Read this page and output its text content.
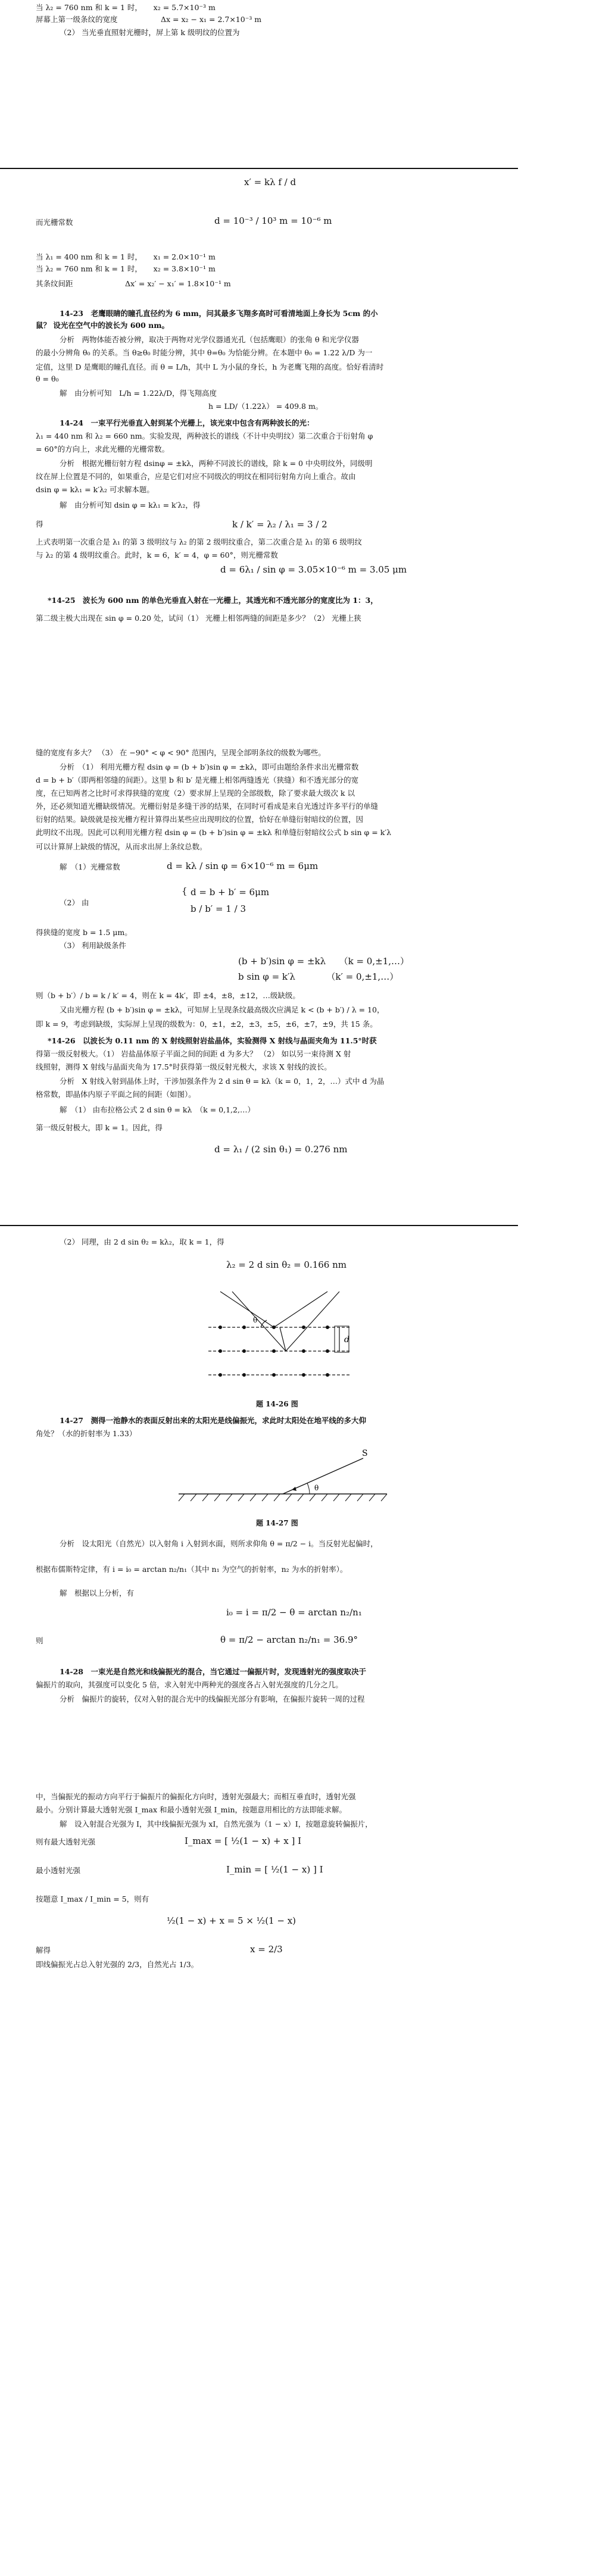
当 λ₂ = 760 nm 和 k = 1 时，　　x₂ = 5.7×10⁻³ m
屏幕上第一级条纹的宽度	Δx = x₂ − x₁ = 2.7×10⁻³ m
（2） 当光垂直照射光栅时，屏上第 k 级明纹的位置为
x′ = kλ f / d
而光栅常数	d = 10⁻³ / 10³ m = 10⁻⁶ m
当 λ₁ = 400 nm 和 k = 1 时，　　x₁ = 2.0×10⁻¹ m
当 λ₂ = 760 nm 和 k = 1 时，　　x₂ = 3.8×10⁻¹ m
其条纹间距　　　　　　　Δx′ = x₂′ − x₁′ = 1.8×10⁻¹ m
14-23　老鹰眼睛的瞳孔直径约为 6 mm，问其最多飞翔多高时可看清地面上身长为 5cm 的小
鼠？ 设光在空气中的波长为 600 nm。
分析　两物体能否被分辨，取决于两物对光学仪器通光孔（包括鹰眼）的张角 θ 和光学仪器
的最小分辨角 θ₀ 的关系。当 θ≥θ₀ 时能分辨，其中 θ=θ₀ 为恰能分辨。在本题中 θ₀ = 1.22 λ/D 为一
定值，这里 D 是鹰眼的瞳孔直径。而 θ = L/h，其中 L 为小鼠的身长，h 为老鹰飞翔的高度。恰好看清时
θ = θ₀
解　由分析可知　L/h = 1.22λ/D，得飞翔高度
h = LD/（1.22λ） = 409.8 m。
14-24　一束平行光垂直入射到某个光栅上，该光束中包含有两种波长的光：
λ₁ = 440 nm 和 λ₂ = 660 nm。实验发现，两种波长的谱线（不计中央明纹）第二次重合于衍射角 φ
= 60°的方向上，求此光栅的光栅常数。
分析　根据光栅衍射方程 dsinφ = ±kλ，两种不同波长的谱线，除 k = 0 中央明纹外，同级明
纹在屏上位置是不同的，如果重合，应是它们对应不同级次的明纹在相同衍射角方向上重合。故由
dsin φ = kλ₁ = k′λ₂ 可求解本题。
解　由分析可知 dsin φ = kλ₁ = k′λ₂，得
得	k / k′ = λ₂ / λ₁ = 3 / 2
上式表明第一次重合是 λ₁ 的第 3 级明纹与 λ₂ 的第 2 级明纹重合，第二次重合是 λ₁ 的第 6 级明纹
与 λ₂ 的第 4 级明纹重合。此时，k = 6，k′ = 4，φ = 60°，则光栅常数
d = 6λ₁ / sin φ = 3.05×10⁻⁶ m = 3.05 μm
*14-25　波长为 600 nm 的单色光垂直入射在一光栅上，其透光和不透光部分的宽度比为 1：3，
第二级主极大出现在 sin φ = 0.20 处，试问（1） 光栅上相邻两缝的间距是多少？（2） 光栅上狭
缝的宽度有多大？ （3） 在 −90° < φ < 90° 范围内，呈现全部明条纹的级数为哪些。
分析　（1） 利用光栅方程 dsin φ = (b + b′)sin φ = ±kλ，即可由题给条件求出光栅常数
d = b + b′（即两相邻缝的间距）。这里 b 和 b′ 是光栅上相邻两缝透光（狭缝）和不透光部分的宽
度，在已知两者之比时可求得狭缝的宽度（2）要求屏上呈现的全部级数，除了要求最大级次 k 以
外，还必须知道光栅缺级情况。光栅衍射是多缝干涉的结果，在同时可看成是来自光透过许多平行的单缝
衍射的结果。缺级就是按光栅方程计算得出某些应出现明纹的位置，恰好在单缝衍射暗纹的位置，因
此明纹不出现。因此可以利用光栅方程 dsin φ = (b + b′)sin φ = ±kλ 和单缝衍射暗纹公式 b sin φ = k′λ
可以计算屏上缺级的情况，从而求出屏上条纹总数。
解　（1）光栅常数	d = kλ / sin φ = 6×10⁻⁶ m = 6μm
（2） 由
{ d = b + b′ = 6μm
b / b′ = 1 / 3
得狭缝的宽度 b = 1.5 μm。
（3） 利用缺级条件
(b + b′)sin φ = ±kλ　　（k = 0,±1,…）
b sin φ = k′λ　　　　（k′ = 0,±1,…）
则（b + b′）/ b = k / k′ = 4，则在 k = 4k′，即 ±4，±8，±12，…级缺级。
又由光栅方程 (b + b′)sin φ = ±kλ，可知屏上呈现条纹最高级次应满足 k < (b + b′) / λ = 10，
即 k = 9，考虑到缺级，实际屏上呈现的级数为：0，±1，±2，±3，±5，±6，±7，±9，共 15 条。
*14-26　以波长为 0.11 nm 的 X 射线照射岩盐晶体，实验测得 X 射线与晶面夹角为 11.5°时获
得第一级反射极大。（1） 岩盐晶体原子平面之间的间距 d 为多大？ （2） 如以另一束待测 X 射
线照射，测得 X 射线与晶面夹角为 17.5°时获得第一级反射光极大，求该 X 射线的波长。
分析　X 射线入射到晶体上时，干涉加强条件为 2 d sin θ = kλ（k = 0，1，2，…）式中 d 为晶
格常数，即晶体内原子平面之间的间距（如图）。
解　（1） 由布拉格公式 2 d sin θ = kλ　（k = 0,1,2,…）
第一级反射极大，即 k = 1。因此，得
d = λ₁ / (2 sin θ₁) = 0.276 nm
（2） 同理，由 2 d sin θ₂ = kλ₂，取 k = 1，得
λ₂ = 2 d sin θ₂ = 0.166 nm
d
θ
题 14-26 图
14-27　测得一池静水的表面反射出来的太阳光是线偏振光，求此时太阳处在地平线的多大仰
角处？（水的折射率为 1.33）
S
θ
题 14-27 图
分析　设太阳光（自然光）以入射角 i 入射到水面，则所求仰角 θ = π/2 − i。当反射光起偏时，
根据布儒斯特定律，有 i = i₀ = arctan n₂/n₁（其中 n₁ 为空气的折射率，n₂ 为水的折射率）。
解　根据以上分析，有
i₀ = i = π/2 − θ = arctan n₂/n₁
则	θ = π/2 − arctan n₂/n₁ = 36.9°
14-28　一束光是自然光和线偏振光的混合，当它通过一偏振片时，发现透射光的强度取决于
偏振片的取向，其强度可以变化 5 倍，求入射光中两种光的强度各占入射光强度的几分之几。
分析　偏振片的旋转，仅对入射的混合光中的线偏振光部分有影响，在偏振片旋转一周的过程
中，当偏振光的振动方向平行于偏振片的偏振化方向时，透射光强最大；而相互垂直时，透射光强
最小。分别计算最大透射光强 I_max 和最小透射光强 I_min，按题意用相比的方法即能求解。
解　设入射混合光强为 I，其中线偏振光强为 xI，自然光强为（1 − x）I，按题意旋转偏振片，
则有最大透射光强	I_max = [ ½(1 − x) + x ] I
最小透射光强	I_min = [ ½(1 − x) ] I
按题意 I_max / I_min = 5，则有
½(1 − x) + x = 5 × ½(1 − x)
解得	x = 2/3
即线偏振光占总入射光强的 2/3，自然光占 1/3。
